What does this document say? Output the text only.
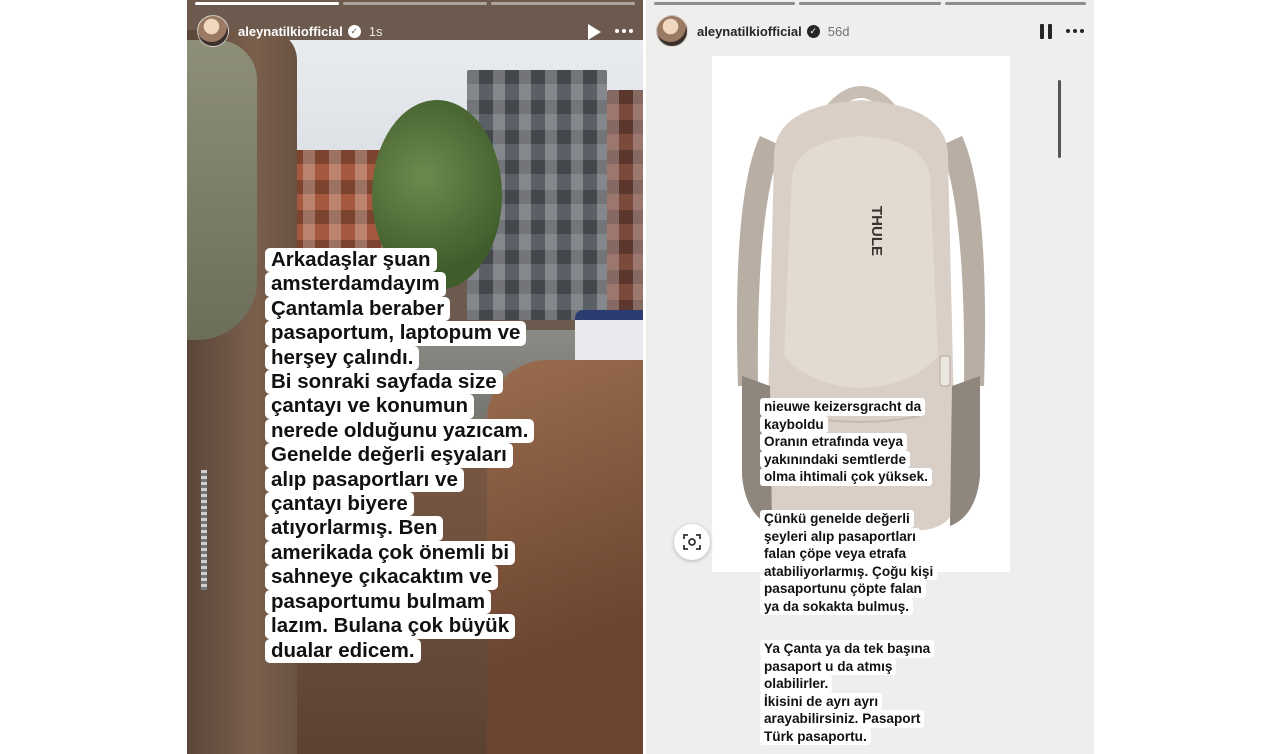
aleynatilkiofficial ✓ 1s
Arkadaşlar şuan
amsterdamdayım
Çantamla beraber
pasaportum, laptopum ve
herşey çalındı.
Bi sonraki sayfada size
çantayı ve konumun
nerede olduğunu yazıcam.
Genelde değerli eşyaları
alıp pasaportları ve
çantayı biyere
atıyorlarmış. Ben
amerikada çok önemli bi
sahneye çıkacaktım ve
pasaportumu bulmam
lazım. Bulana çok büyük
dualar edicem.
aleynatilkiofficial ✓ 56d
THULE
nieuwe keizersgracht da
kayboldu
Oranın etrafında veya
yakınındaki semtlerde
olma ihtimali çok yüksek.
Çünkü genelde değerli
şeyleri alıp pasaportları
falan çöpe veya etrafa
atabiliyorlarmış. Çoğu kişi
pasaportunu çöpte falan
ya da sokakta bulmuş.
Ya Çanta ya da tek başına
pasaport u da atmış
olabilirler.
İkisini de ayrı ayrı
arayabilirsiniz. Pasaport
Türk pasaportu.
